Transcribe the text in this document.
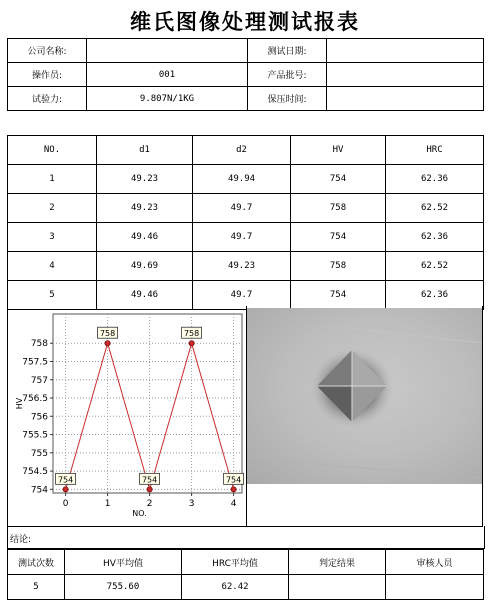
维氏图像处理测试报表
公司名称:		测试日期:	
操作员:	001	产品批号:	
试验力:	9.807N/1KG	保压时间:	
NO.	d1	d2	HV	HRC
1	49.23	49.94	754	62.36
2	49.23	49.7	758	62.52
3	49.46	49.7	754	62.36
4	49.69	49.23	758	62.52
5	49.46	49.7	754	62.36
754
754.5
755
755.5
756
756.5
757
757.5
758
0	1	2	3	4
NO.
HV
754
758
754
758
754
结论:
测试次数	HV平均值	HRC平均值	判定结果	审核人员
5	755.60	62.42		
